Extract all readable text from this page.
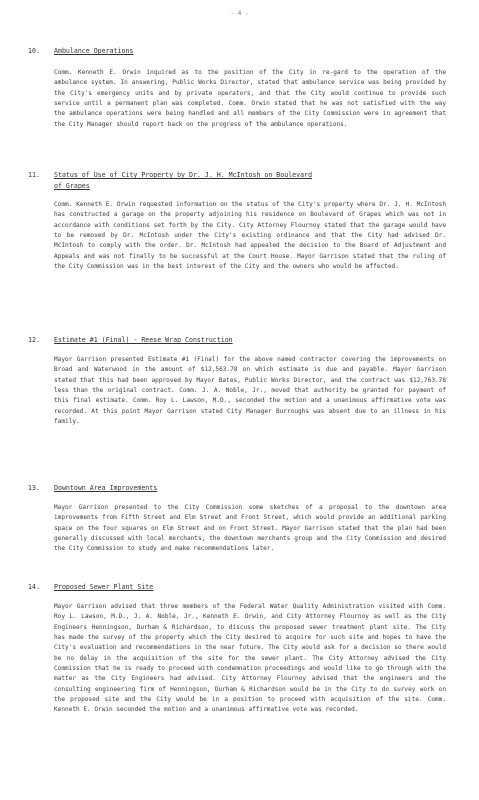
- 4 -
10. Ambulance Operations
Comm. Kenneth E. Orwin inquired as to the position of the City in re-gard to the operation of the ambulance system. In answering, Public Works Director, stated that ambulance service was being provided by the City's emergency units and by private operators, and that the City would continue to provide such service until a permanent plan was completed. Comm. Orwin stated that he was not satisfied with the way the ambulance operations were being handled and all members of the City Commission were in agreement that the City Manager should report back on the progress of the ambulance operations.
11. Status of Use of City Property by Dr. J. H. McIntosh on Boulevard
of Grapes
Comm. Kenneth E. Orwin requested information on the status of the City's property where Dr. J. H. McIntosh has constructed a garage on the property adjoining his residence on Boulevard of Grapes which was not in accordance with conditions set forth by the City. City Attorney Flournoy stated that the garage would have to be removed by Dr. McIntosh under the City's existing ordinance and that the City had advised Dr. McIntosh to comply with the order. Dr. McIntosh had appealed the decision to the Board of Adjustment and Appeals and was not finally to be successful at the Court House. Mayor Garrison stated that the ruling of the City Commission was in the best interest of the City and the owners who would be affected.
12. Estimate #1 (Final) - Reese Wrap Construction
Mayor Garrison presented Estimate #1 (Final) for the above named contractor covering the improvements on Broad and Waterwood in the amount of $12,563.78 on which estimate is due and payable. Mayor Garrison stated that this had been approved by Mayor Bates, Public Works Director, and the contract was $12,763.78 less than the original contract. Comm. J. A. Noble, Jr., moved that authority be granted for payment of this final estimate. Comm. Roy L. Lawson, M.D., seconded the motion and a unanimous affirmative vote was recorded. At this point Mayor Garrison stated City Manager Burroughs was absent due to an illness in his family.
13. Downtown Area Improvements
Mayor Garrison presented to the City Commission some sketches of a proposal to the downtown area improvements from Fifth Street and Elm Street and Front Street, which would provide an additional parking space on the four squares on Elm Street and on Front Street. Mayor Garrison stated that the plan had been generally discussed with local merchants, the downtown merchants group and the City Commission and desired the City Commission to study and make recommendations later.
14. Proposed Sewer Plant Site
Mayor Garrison advised that three members of the Federal Water Quality Administration visited with Comm. Roy L. Lawson, M.D., J. A. Noble, Jr., Kenneth E. Orwin, and City Attorney Flournoy as well as the City Engineers Henningson, Durham & Richardson, to discuss the proposed sewer treatment plant site. The City has made the survey of the property which the City desired to acquire for such site and hopes to have the City's evaluation and recommendations in the near future. The City would ask for a decision so there would be no delay in the acquisition of the site for the sewer plant. The City Attorney advised the City Commission that he is ready to proceed with condemnation proceedings and would like to go through with the matter as the City Engineers had advised. City Attorney Flournoy advised that the engineers and the consulting engineering firm of Henningson, Durham & Richardson would be in the City to do survey work on the proposed site and the City would be in a position to proceed with acquisition of the site. Comm. Kenneth E. Orwin seconded the motion and a unanimous affirmative vote was recorded.
